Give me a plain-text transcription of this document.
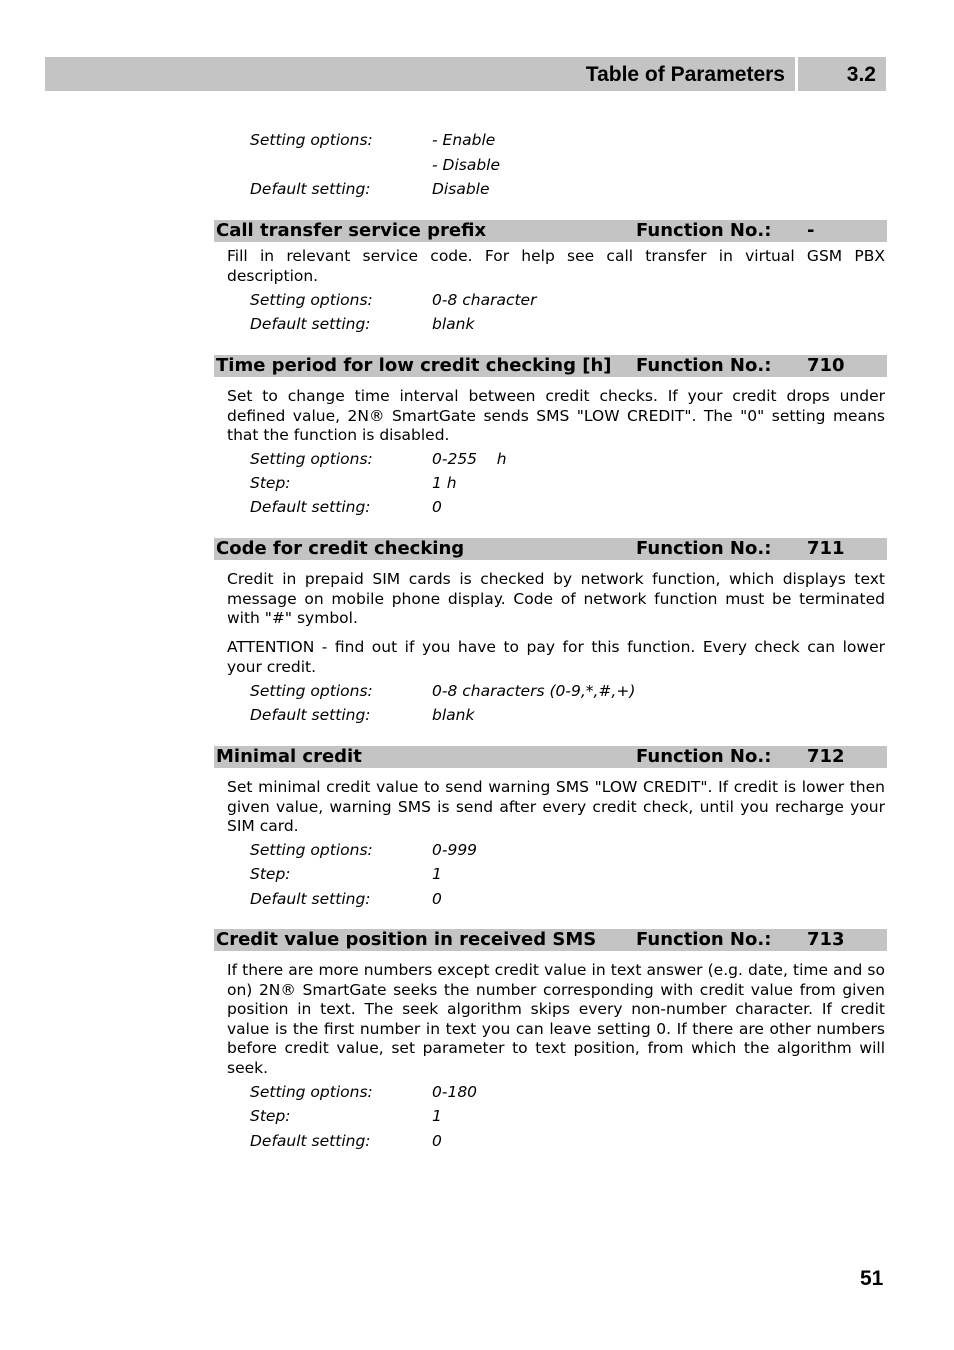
Table of Parameters	3.2
Setting options:	- Enable
- Disable
Default setting:	Disable
Call transfer service prefix	Function No.: -

Fill in relevant service code. For help see call transfer in virtual GSM PBX description.

Setting options:	0-8 character
Default setting:	blank
Time period for low credit checking [h] Function No.: 710

Set to change time interval between credit checks. If your credit drops under defined value, 2N® SmartGate sends SMS "LOW CREDIT". The "0" setting means that the function is disabled.

Setting options:	0-255    h
Step:	1 h
Default setting:	0
Code for credit checking	Function No.: 711

Credit in prepaid SIM cards is checked by network function, which displays text message on mobile phone display. Code of network function must be terminated with "#" symbol.

ATTENTION - find out if you have to pay for this function. Every check can lower your credit.

Setting options:	0-8 characters (0-9,*,#,+)
Default setting:	blank
Minimal credit	Function No.: 712

Set minimal credit value to send warning SMS "LOW CREDIT". If credit is lower then given value, warning SMS is send after every credit check, until you recharge your SIM card.

Setting options:	0-999
Step:	1
Default setting:	0
Credit value position in received SMS Function No.: 713

If there are more numbers except credit value in text answer (e.g. date, time and so on) 2N® SmartGate seeks the number corresponding with credit value from given position in text. The seek algorithm skips every non-number character. If credit value is the first number in text you can leave setting 0. If there are other numbers before credit value, set parameter to text position, from which the algorithm will seek.

Setting options:	0-180
Step:	1
Default setting:	0
51
